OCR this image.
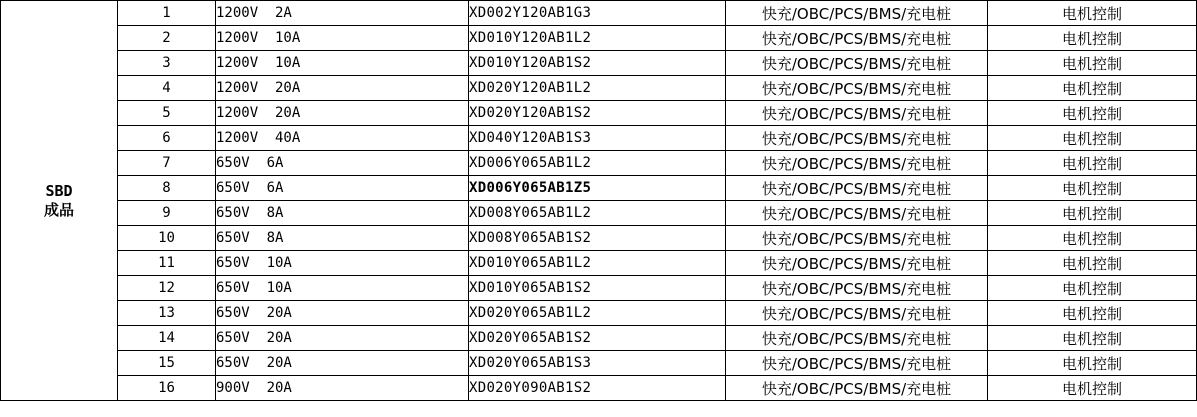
SBD
成品	1	1200V  2A	XD002Y120AB1G3	快充/OBC/PCS/BMS/充电桩	电机控制
	2	1200V  10A	XD010Y120AB1L2	快充/OBC/PCS/BMS/充电桩	电机控制
	3	1200V  10A	XD010Y120AB1S2	快充/OBC/PCS/BMS/充电桩	电机控制
	4	1200V  20A	XD020Y120AB1L2	快充/OBC/PCS/BMS/充电桩	电机控制
	5	1200V  20A	XD020Y120AB1S2	快充/OBC/PCS/BMS/充电桩	电机控制
	6	1200V  40A	XD040Y120AB1S3	快充/OBC/PCS/BMS/充电桩	电机控制
	7	650V  6A	XD006Y065AB1L2	快充/OBC/PCS/BMS/充电桩	电机控制
	8	650V  6A	XD006Y065AB1Z5	快充/OBC/PCS/BMS/充电桩	电机控制
	9	650V  8A	XD008Y065AB1L2	快充/OBC/PCS/BMS/充电桩	电机控制
	10	650V  8A	XD008Y065AB1S2	快充/OBC/PCS/BMS/充电桩	电机控制
	11	650V  10A	XD010Y065AB1L2	快充/OBC/PCS/BMS/充电桩	电机控制
	12	650V  10A	XD010Y065AB1S2	快充/OBC/PCS/BMS/充电桩	电机控制
	13	650V  20A	XD020Y065AB1L2	快充/OBC/PCS/BMS/充电桩	电机控制
	14	650V  20A	XD020Y065AB1S2	快充/OBC/PCS/BMS/充电桩	电机控制
	15	650V  20A	XD020Y065AB1S3	快充/OBC/PCS/BMS/充电桩	电机控制
	16	900V  20A	XD020Y090AB1S2	快充/OBC/PCS/BMS/充电桩	电机控制
